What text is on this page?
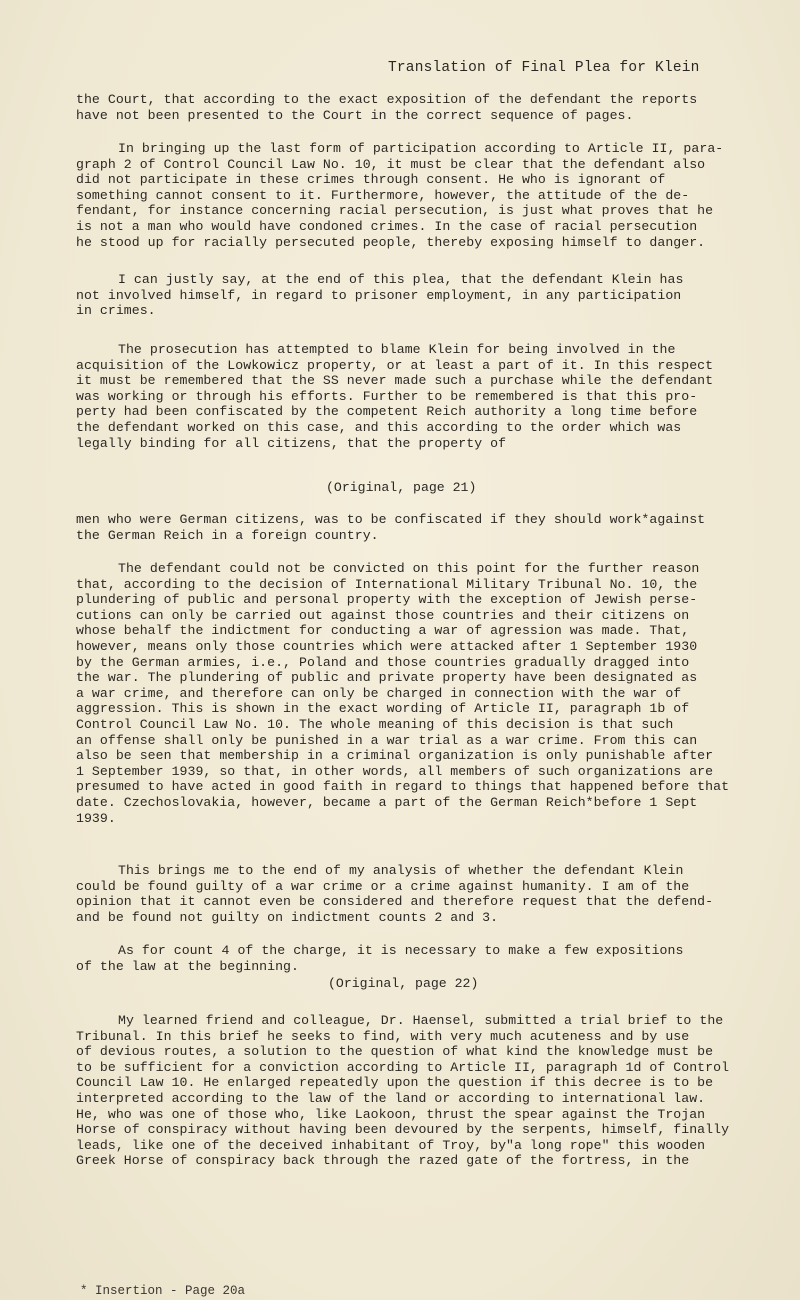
Translation of Final Plea for Klein
the Court, that according to the exact exposition of the defendant the reports
have not been presented to the Court in the correct sequence of pages.
In bringing up the last form of participation according to Article II, para-
graph 2 of Control Council Law No. 10, it must be clear that the defendant also
did not participate in these crimes through consent. He who is ignorant of
something cannot consent to it. Furthermore, however, the attitude of the de-
fendant, for instance concerning racial persecution, is just what proves that he
is not a man who would have condoned crimes. In the case of racial persecution
he stood up for racially persecuted people, thereby exposing himself to danger.
I can justly say, at the end of this plea, that the defendant Klein has
not involved himself, in regard to prisoner employment, in any participation
in crimes.
The prosecution has attempted to blame Klein for being involved in the
acquisition of the Lowkowicz property, or at least a part of it. In this respect
it must be remembered that the SS never made such a purchase while the defendant
was working or through his efforts. Further to be remembered is that this pro-
perty had been confiscated by the competent Reich authority a long time before
the defendant worked on this case, and this according to the order which was
legally binding for all citizens, that the property of
(Original, page 21)
men who were German citizens, was to be confiscated if they should work*against
the German Reich in a foreign country.
The defendant could not be convicted on this point for the further reason
that, according to the decision of International Military Tribunal No. 10, the
plundering of public and personal property with the exception of Jewish perse-
cutions can only be carried out against those countries and their citizens on
whose behalf the indictment for conducting a war of agression was made. That,
however, means only those countries which were attacked after 1 September 1930
by the German armies, i.e., Poland and those countries gradually dragged into
the war. The plundering of public and private property have been designated as
a war crime, and therefore can only be charged in connection with the war of
aggression. This is shown in the exact wording of Article II, paragraph 1b of
Control Council Law No. 10. The whole meaning of this decision is that such
an offense shall only be punished in a war trial as a war crime. From this can
also be seen that membership in a criminal organization is only punishable after
1 September 1939, so that, in other words, all members of such organizations are
presumed to have acted in good faith in regard to things that happened before that
date. Czechoslovakia, however, became a part of the German Reich*before 1 Sept
1939.
This brings me to the end of my analysis of whether the defendant Klein
could be found guilty of a war crime or a crime against humanity. I am of the
opinion that it cannot even be considered and therefore request that the defend-
and be found not guilty on indictment counts 2 and 3.
As for count 4 of the charge, it is necessary to make a few expositions
of the law at the beginning.
(Original, page 22)
My learned friend and colleague, Dr. Haensel, submitted a trial brief to the
Tribunal. In this brief he seeks to find, with very much acuteness and by use
of devious routes, a solution to the question of what kind the knowledge must be
to be sufficient for a conviction according to Article II, paragraph 1d of Control
Council Law 10. He enlarged repeatedly upon the question if this decree is to be
interpreted according to the law of the land or according to international law.
He, who was one of those who, like Laokoon, thrust the spear against the Trojan
Horse of conspiracy without having been devoured by the serpents, himself, finally
leads, like one of the deceived inhabitant of Troy, by"a long rope" this wooden
Greek Horse of conspiracy back through the razed gate of the fortress, in the
* Insertion - Page 20a
